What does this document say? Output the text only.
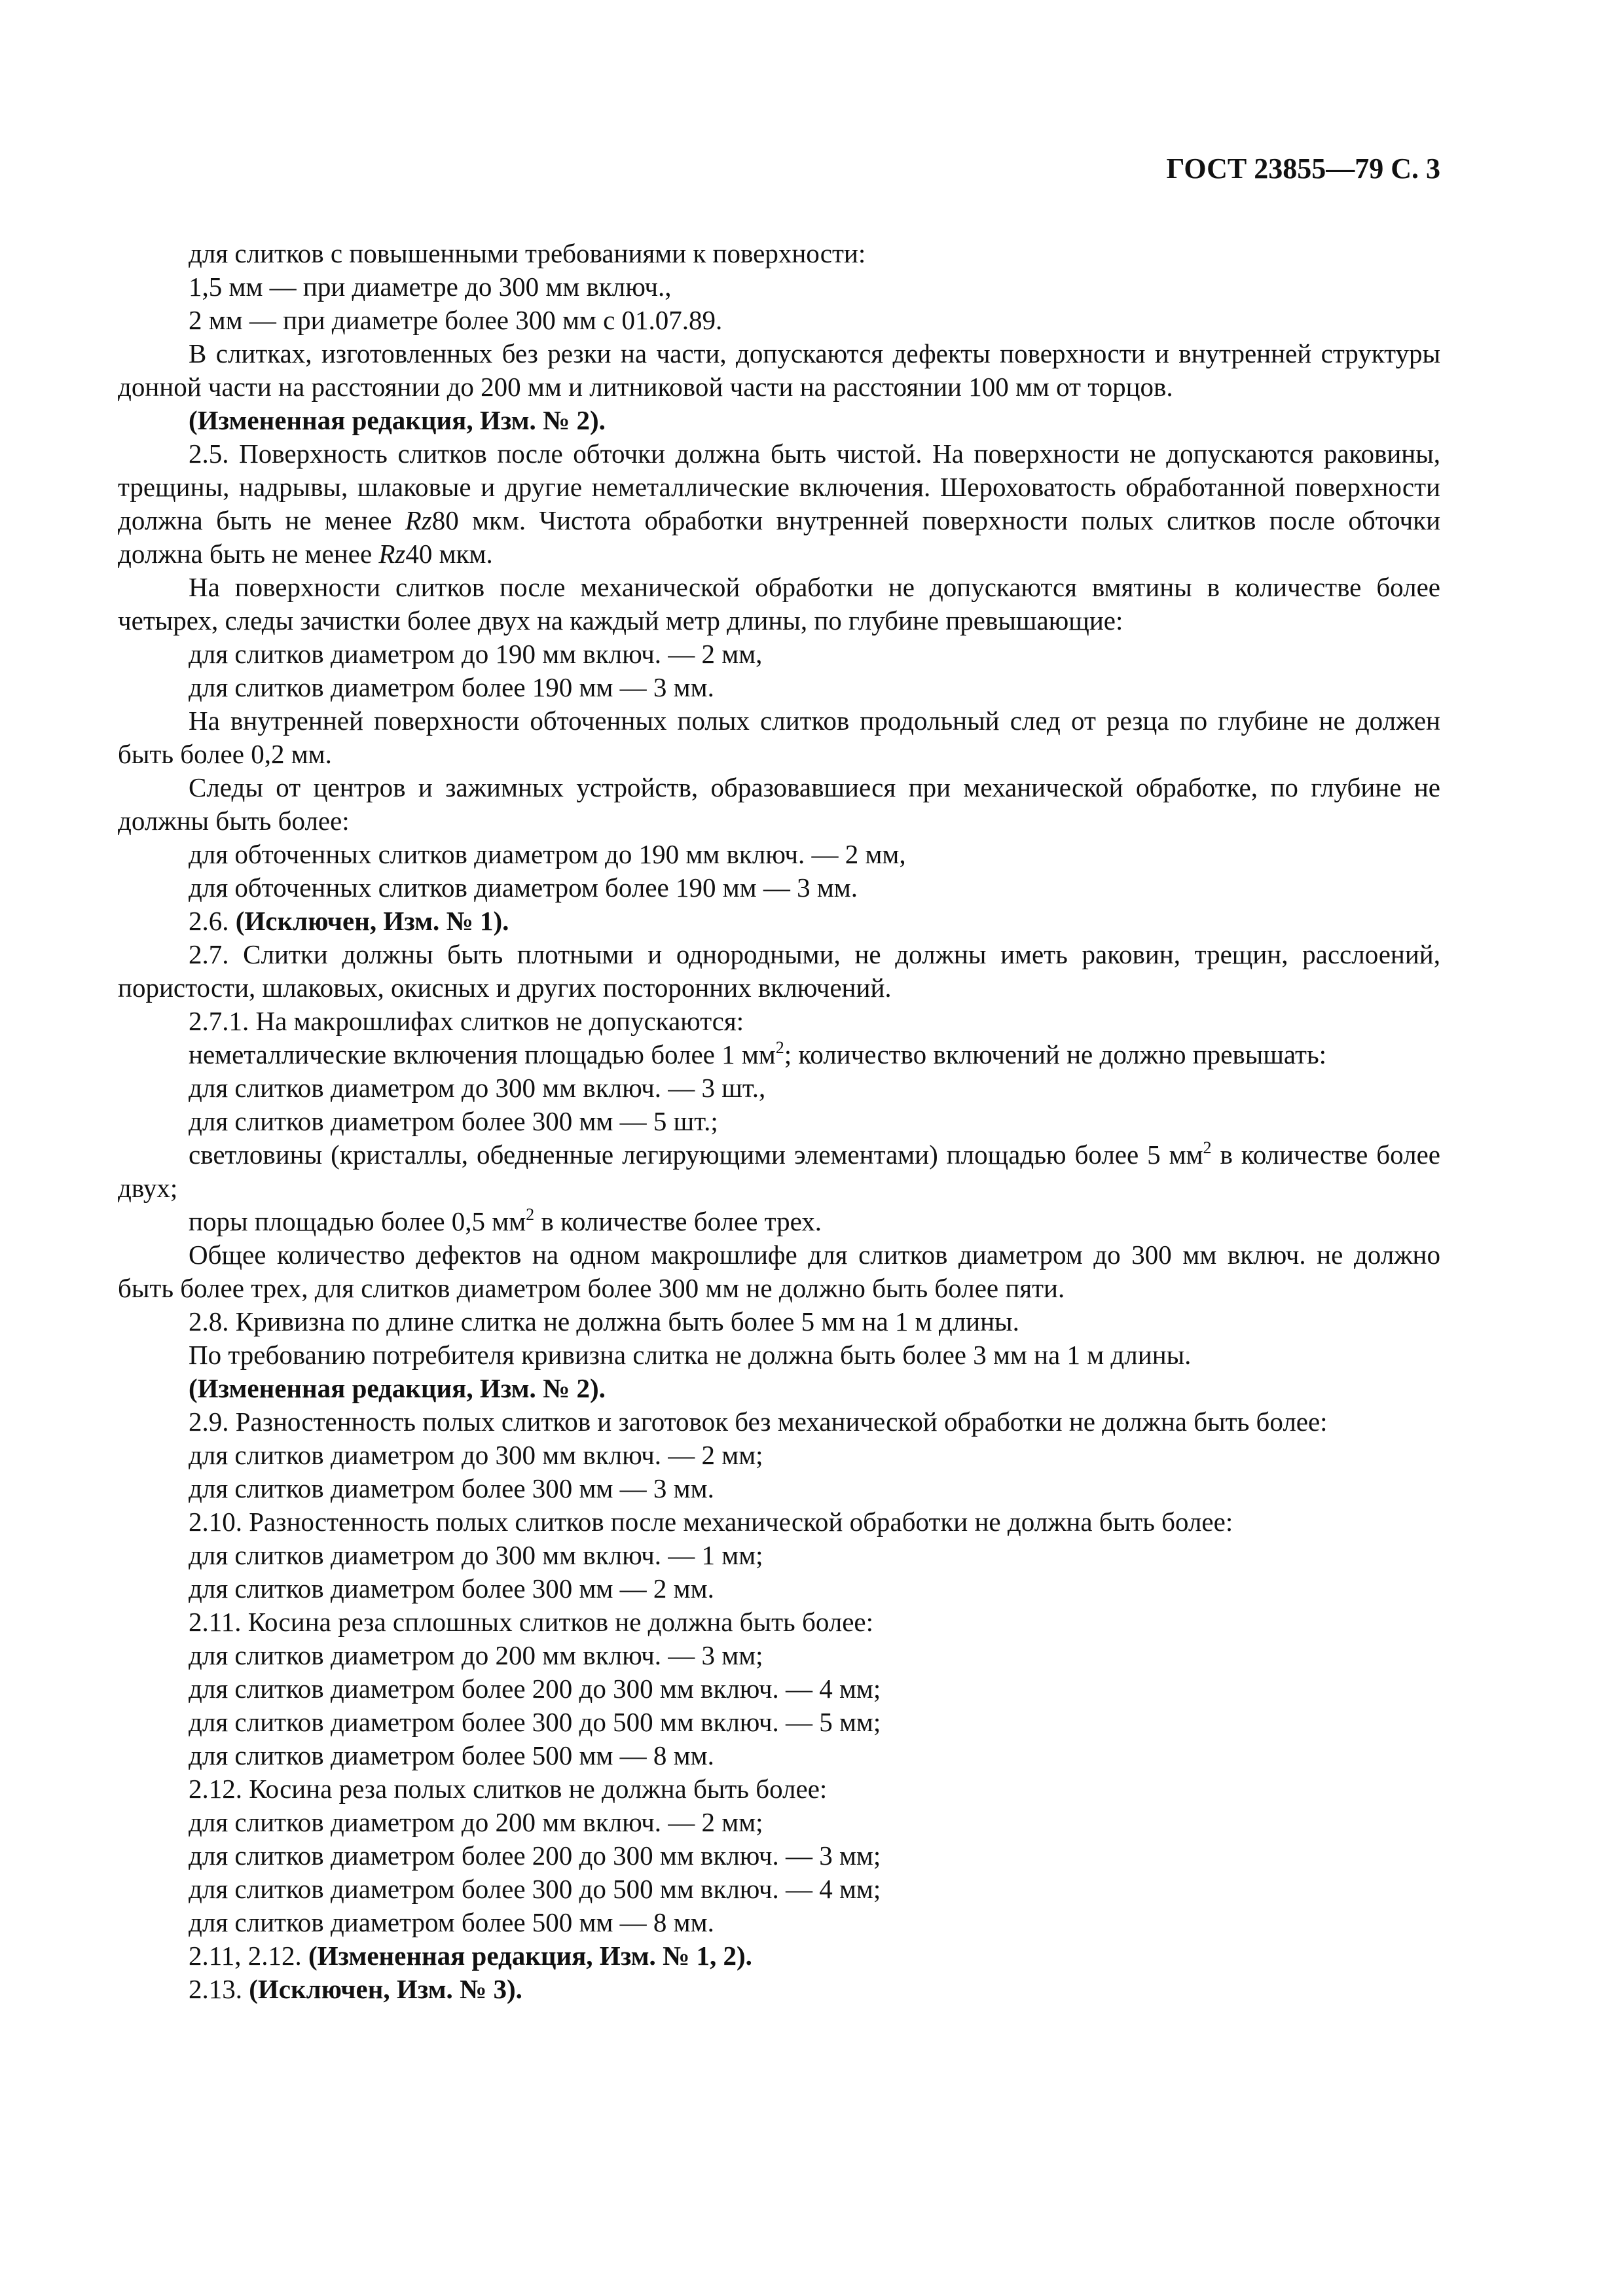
ГОСТ 23855—79 С. 3

для слитков с повышенными требованиями к поверхности:

1,5 мм — при диаметре до 300 мм включ.,

2 мм — при диаметре более 300 мм с 01.07.89.

В слитках, изготовленных без резки на части, допускаются дефекты поверхности и внутренней структуры донной части на расстоянии до 200 мм и литниковой части на расстоянии 100 мм от торцов.

(Измененная редакция, Изм. № 2).

2.5. Поверхность слитков после обточки должна быть чистой. На поверхности не допускаются раковины, трещины, надрывы, шлаковые и другие неметаллические включения. Шероховатость обработанной поверхности должна быть не менее Rz80 мкм. Чистота обработки внутренней поверхности полых слитков после обточки должна быть не менее Rz40 мкм.

На поверхности слитков после механической обработки не допускаются вмятины в количестве более четырех, следы зачистки более двух на каждый метр длины, по глубине превышающие:

для слитков диаметром до 190 мм включ. — 2 мм,

для слитков диаметром более 190 мм — 3 мм.

На внутренней поверхности обточенных полых слитков продольный след от резца по глубине не должен быть более 0,2 мм.

Следы от центров и зажимных устройств, образовавшиеся при механической обработке, по глубине не должны быть более:

для обточенных слитков диаметром до 190 мм включ. — 2 мм,

для обточенных слитков диаметром более 190 мм — 3 мм.

2.6. (Исключен, Изм. № 1).

2.7. Слитки должны быть плотными и однородными, не должны иметь раковин, трещин, расслоений, пористости, шлаковых, окисных и других посторонних включений.

2.7.1. На макрошлифах слитков не допускаются:

неметаллические включения площадью более 1 $мм^2$; количество включений не должно превышать:

для слитков диаметром до 300 мм включ. — 3 шт.,

для слитков диаметром более 300 мм — 5 шт.;

светловины (кристаллы, обедненные легирующими элементами) площадью более 5 $мм^2$ в количестве более двух;

поры площадью более 0,5 $мм^2$ в количестве более трех.

Общее количество дефектов на одном макрошлифе для слитков диаметром до 300 мм включ. не должно быть более трех, для слитков диаметром более 300 мм не должно быть более пяти.

2.8. Кривизна по длине слитка не должна быть более 5 мм на 1 м длины.

По требованию потребителя кривизна слитка не должна быть более 3 мм на 1 м длины.

(Измененная редакция, Изм. № 2).

2.9. Разностенность полых слитков и заготовок без механической обработки не должна быть более:

для слитков диаметром до 300 мм включ. — 2 мм;

для слитков диаметром более 300 мм — 3 мм.

2.10. Разностенность полых слитков после механической обработки не должна быть более:

для слитков диаметром до 300 мм включ. — 1 мм;

для слитков диаметром более 300 мм — 2 мм.

2.11. Косина реза сплошных слитков не должна быть более:

для слитков диаметром до 200 мм включ. — 3 мм;

для слитков диаметром более 200 до 300 мм включ. — 4 мм;

для слитков диаметром более 300 до 500 мм включ. — 5 мм;

для слитков диаметром более 500 мм — 8 мм.

2.12. Косина реза полых слитков не должна быть более:

для слитков диаметром до 200 мм включ. — 2 мм;

для слитков диаметром более 200 до 300 мм включ. — 3 мм;

для слитков диаметром более 300 до 500 мм включ. — 4 мм;

для слитков диаметром более 500 мм — 8 мм.

2.11, 2.12. (Измененная редакция, Изм. № 1, 2).

2.13. (Исключен, Изм. № 3).
